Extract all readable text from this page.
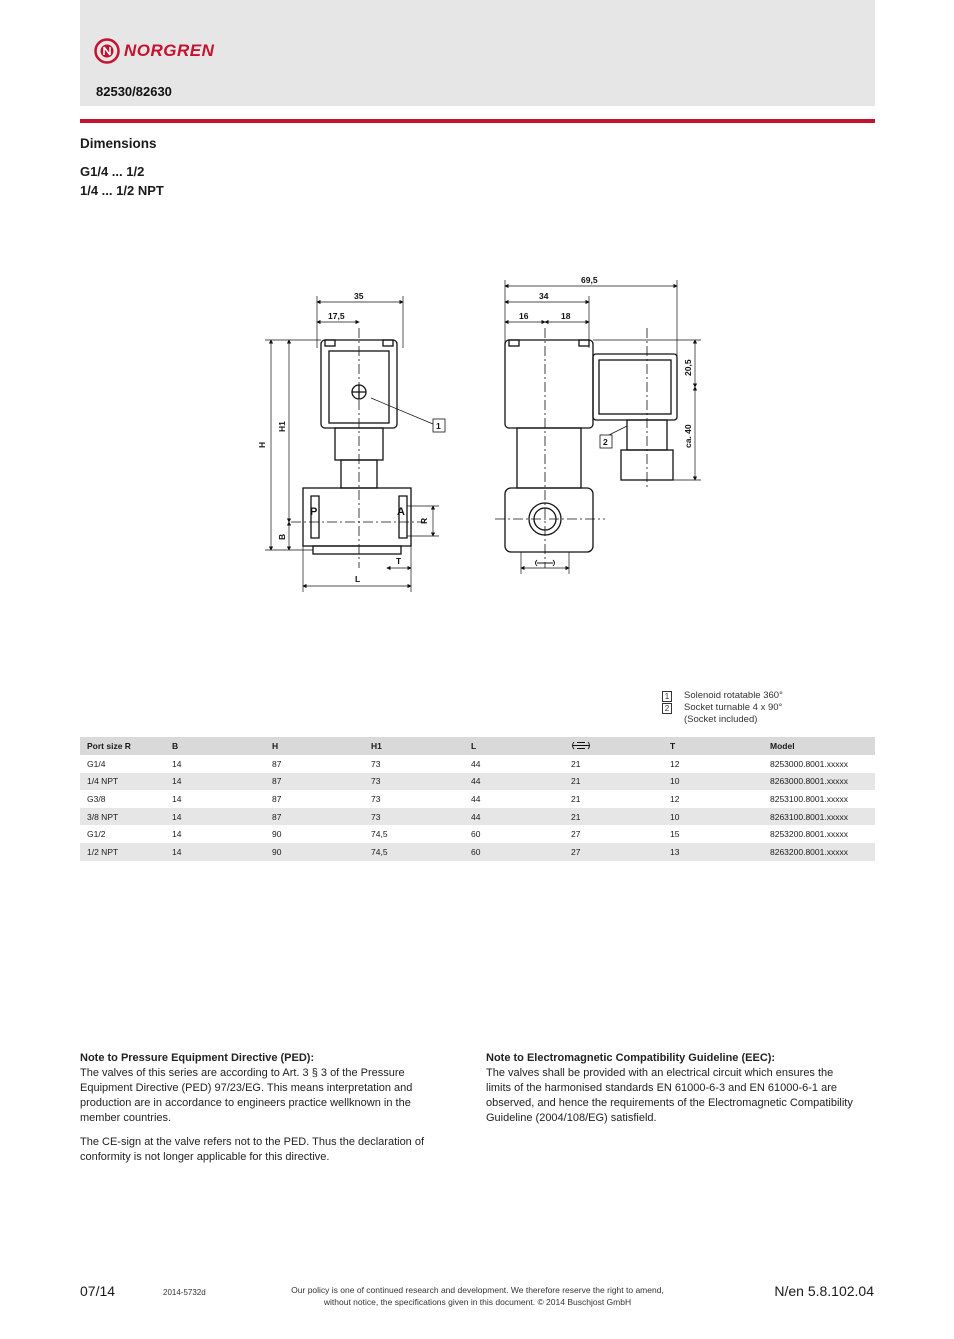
NORGREN
82530/82630
Dimensions
G1/4 ... 1/2
1/4 ... 1/2 NPT
P	A
35
17,5
L
T
H
H1
B
R
1
69,5
34
16	18
20,5
ca. 40
2
1 Solenoid rotatable 360°
2 Socket turnable 4 x 90°
(Socket included)
Port size R	B	H	H1	L		T	Model
G1/4	14	87	73	44	21	12	8253000.8001.xxxxx
1/4 NPT	14	87	73	44	21	10	8263000.8001.xxxxx
G3/8	14	87	73	44	21	12	8253100.8001.xxxxx
3/8 NPT	14	87	73	44	21	10	8263100.8001.xxxxx
G1/2	14	90	74,5	60	27	15	8253200.8001.xxxxx
1/2 NPT	14	90	74,5	60	27	13	8263200.8001.xxxxx
Note to Pressure Equipment Directive (PED):

The valves of this series are according to Art. 3 § 3 of the Pressure Equipment Directive (PED) 97/23/EG. This means interpretation and production are in accordance to engineers practice wellknown in the member countries.

The CE-sign at the valve refers not to the PED. Thus the declaration of conformity is not longer applicable for this directive.

Note to Electromagnetic Compatibility Guideline (EEC):

The valves shall be provided with an electrical circuit which ensures the limits of the harmonised standards EN 61000-6-3 and EN 61000-6-1 are observed, and hence the requirements of the Electromagnetic Compatibility Guideline (2004/108/EG) satisfield.

07/14	2014-5732d	Our policy is one of continued research and development. We therefore reserve the right to amend,
without notice, the specifications given in this document. © 2014 Buschjost GmbH
N/en 5.8.102.04
